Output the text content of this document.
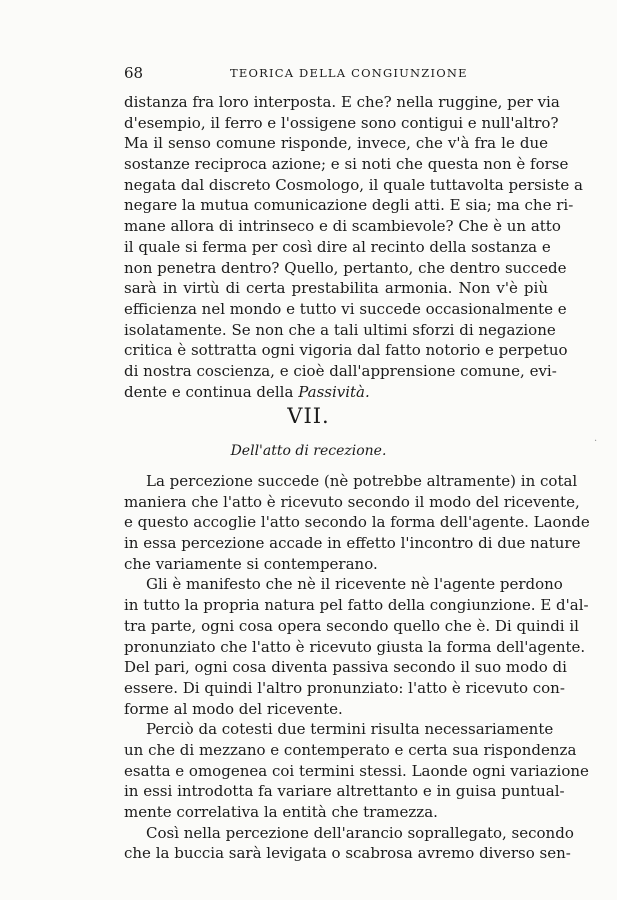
68	TEORICA DELLA CONGIUNZIONE
distanza fra loro interposta. E che? nella ruggine, per via
d'esempio, il ferro e l'ossigene sono contigui e null'altro?
Ma il senso comune risponde, invece, che v'à fra le due
sostanze reciproca azione; e si noti che questa non è forse
negata dal discreto Cosmologo, il quale tuttavolta persiste a
negare la mutua comunicazione degli atti. E sia; ma che ri-
mane allora di intrinseco e di scambievole? Che è un atto
il quale si ferma per così dire al recinto della sostanza e
non penetra dentro? Quello, pertanto, che dentro succede
sarà in virtù di certa prestabilita armonia. Non v'è più
efficienza nel mondo e tutto vi succede occasionalmente e
isolatamente. Se non che a tali ultimi sforzi di negazione
critica è sottratta ogni vigoria dal fatto notorio e perpetuo
di nostra coscienza, e cioè dall'apprensione comune, evi-
dente e continua della Passività.
VII.
Dell'atto di recezione.
·
La percezione succede (nè potrebbe altramente) in cotal
maniera che l'atto è ricevuto secondo il modo del ricevente,
e questo accoglie l'atto secondo la forma dell'agente. Laonde
in essa percezione accade in effetto l'incontro di due nature
che variamente si contemperano.
Gli è manifesto che nè il ricevente nè l'agente perdono
in tutto la propria natura pel fatto della congiunzione. E d'al-
tra parte, ogni cosa opera secondo quello che è. Di quindi il
pronunziato che l'atto è ricevuto giusta la forma dell'agente.
Del pari, ogni cosa diventa passiva secondo il suo modo di
essere. Di quindi l'altro pronunziato: l'atto è ricevuto con-
forme al modo del ricevente.
Perciò da cotesti due termini risulta necessariamente
un che di mezzano e contemperato e certa sua rispondenza
esatta e omogenea coi termini stessi. Laonde ogni variazione
in essi introdotta fa variare altrettanto e in guisa puntual-
mente correlativa la entità che tramezza.
Così nella percezione dell'arancio soprallegato, secondo
che la buccia sarà levigata o scabrosa avremo diverso sen-
